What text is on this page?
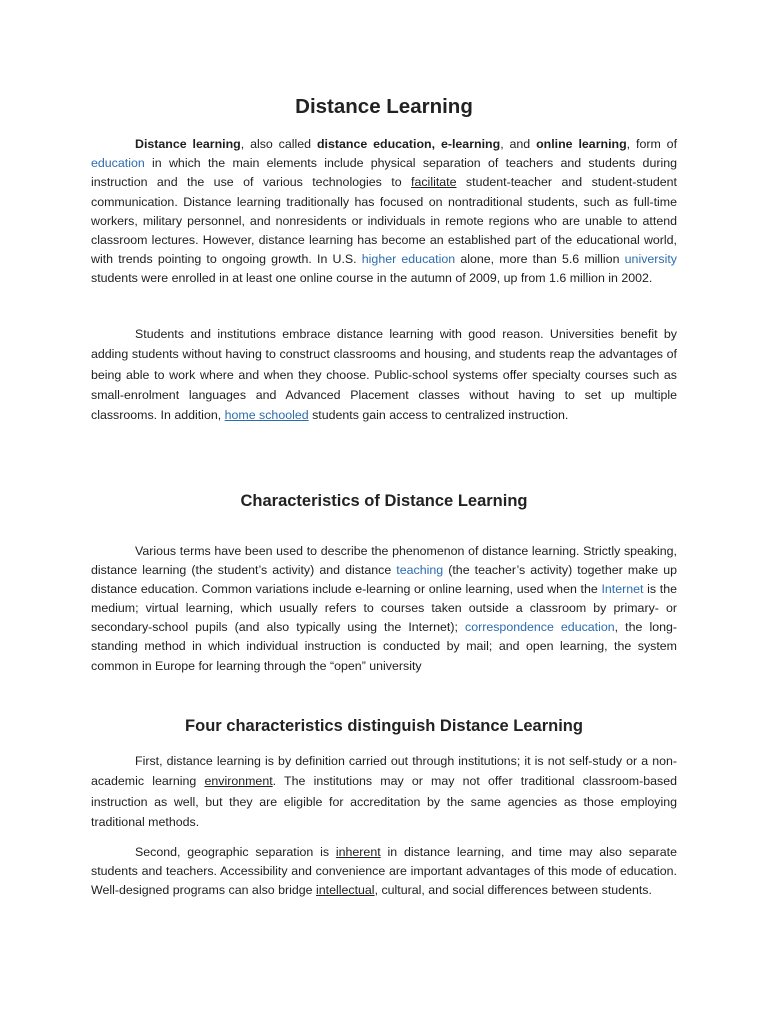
Distance Learning

Distance learning, also called distance education, e-learning, and online learning, form of education in which the main elements include physical separation of teachers and students during instruction and the use of various technologies to facilitate student-teacher and student-student communication. Distance learning traditionally has focused on nontraditional students, such as full-time workers, military personnel, and nonresidents or individuals in remote regions who are unable to attend classroom lectures. However, distance learning has become an established part of the educational world, with trends pointing to ongoing growth. In U.S. higher education alone, more than 5.6 million university students were enrolled in at least one online course in the autumn of 2009, up from 1.6 million in 2002.

Students and institutions embrace distance learning with good reason. Universities benefit by adding students without having to construct classrooms and housing, and students reap the advantages of being able to work where and when they choose. Public-school systems offer specialty courses such as small-enrolment languages and Advanced Placement classes without having to set up multiple classrooms. In addition, home schooled students gain access to centralized instruction.

Characteristics of Distance Learning

Various terms have been used to describe the phenomenon of distance learning. Strictly speaking, distance learning (the student’s activity) and distance teaching (the teacher’s activity) together make up distance education. Common variations include e-learning or online learning, used when the Internet is the medium; virtual learning, which usually refers to courses taken outside a classroom by primary- or secondary-school pupils (and also typically using the Internet); correspondence education, the long-standing method in which individual instruction is conducted by mail; and open learning, the system common in Europe for learning through the “open” university

Four characteristics distinguish Distance Learning

First, distance learning is by definition carried out through institutions; it is not self-study or a non-academic learning environment. The institutions may or may not offer traditional classroom-based instruction as well, but they are eligible for accreditation by the same agencies as those employing traditional methods.

Second, geographic separation is inherent in distance learning, and time may also separate students and teachers. Accessibility and convenience are important advantages of this mode of education. Well-designed programs can also bridge intellectual, cultural, and social differences between students.
